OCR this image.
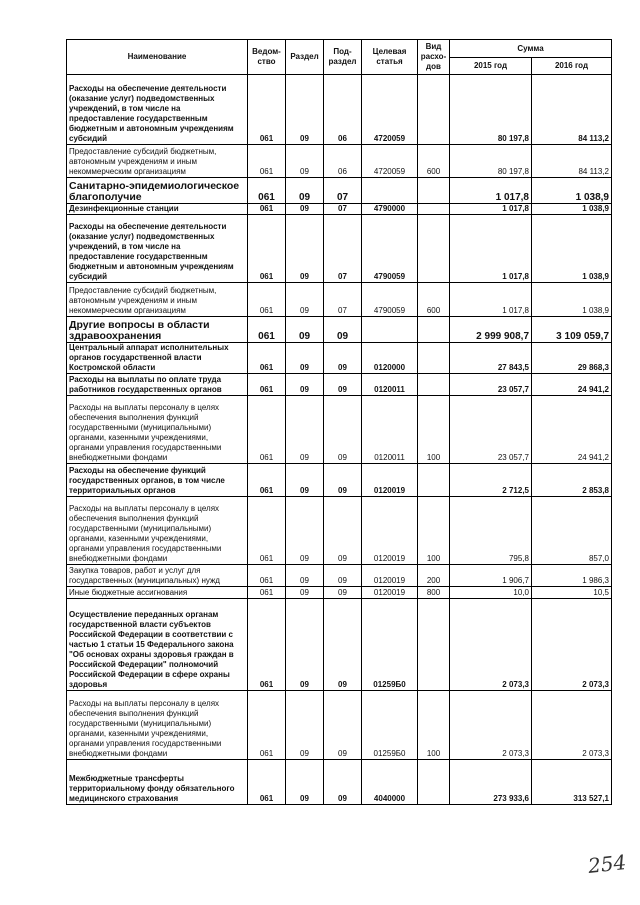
Наименование	Ведом-ство	Раздел	Под-раздел	Целевая статья	Вид расхо-дов	Сумма	
						2015 год	2016 год
Расходы на обеспечение деятельности (оказание услуг) подведомственных учреждений, в том числе на предоставление государственным бюджетным и автономным учреждениям субсидий	061	09	06	4720059		80 197,8	84 113,2
Предоставление субсидий бюджетным, автономным учреждениям и иным некоммерческим организациям	061	09	06	4720059	600	80 197,8	84 113,2
Санитарно-эпидемиологическое благополучие	061	09	07			1 017,8	1 038,9
Дезинфекционные станции	061	09	07	4790000		1 017,8	1 038,9
Расходы на обеспечение деятельности (оказание услуг) подведомственных учреждений, в том числе на предоставление государственным бюджетным и автономным учреждениям субсидий	061	09	07	4790059		1 017,8	1 038,9
Предоставление субсидий бюджетным, автономным учреждениям и иным некоммерческим организациям	061	09	07	4790059	600	1 017,8	1 038,9
Другие вопросы в области здравоохранения	061	09	09			2 999 908,7	3 109 059,7
Центральный аппарат исполнительных органов государственной власти Костромской области	061	09	09	0120000		27 843,5	29 868,3
Расходы на выплаты по оплате труда работников государственных органов	061	09	09	0120011		23 057,7	24 941,2
Расходы на выплаты персоналу в целях обеспечения выполнения функций государственными (муниципальными) органами, казенными учреждениями, органами управления государственными внебюджетными фондами	061	09	09	0120011	100	23 057,7	24 941,2
Расходы на обеспечение функций государственных органов, в том числе территориальных органов	061	09	09	0120019		2 712,5	2 853,8
Расходы на выплаты персоналу в целях обеспечения выполнения функций государственными (муниципальными) органами, казенными учреждениями, органами управления государственными внебюджетными фондами	061	09	09	0120019	100	795,8	857,0
Закупка товаров, работ и услуг для государственных (муниципальных) нужд	061	09	09	0120019	200	1 906,7	1 986,3
Иные бюджетные ассигнования	061	09	09	0120019	800	10,0	10,5
Осуществление переданных органам государственной власти субъектов Российской Федерации в соответствии с частью 1 статьи 15 Федерального закона "Об основах охраны здоровья граждан в Российской Федерации" полномочий Российской Федерации в сфере охраны здоровья	061	09	09	01259Б0		2 073,3	2 073,3
Расходы на выплаты персоналу в целях обеспечения выполнения функций государственными (муниципальными) органами, казенными учреждениями, органами управления государственными внебюджетными фондами	061	09	09	01259Б0	100	2 073,3	2 073,3
Межбюджетные трансферты территориальному фонду обязательного медицинского страхования	061	09	09	4040000		273 933,6	313 527,1
254
